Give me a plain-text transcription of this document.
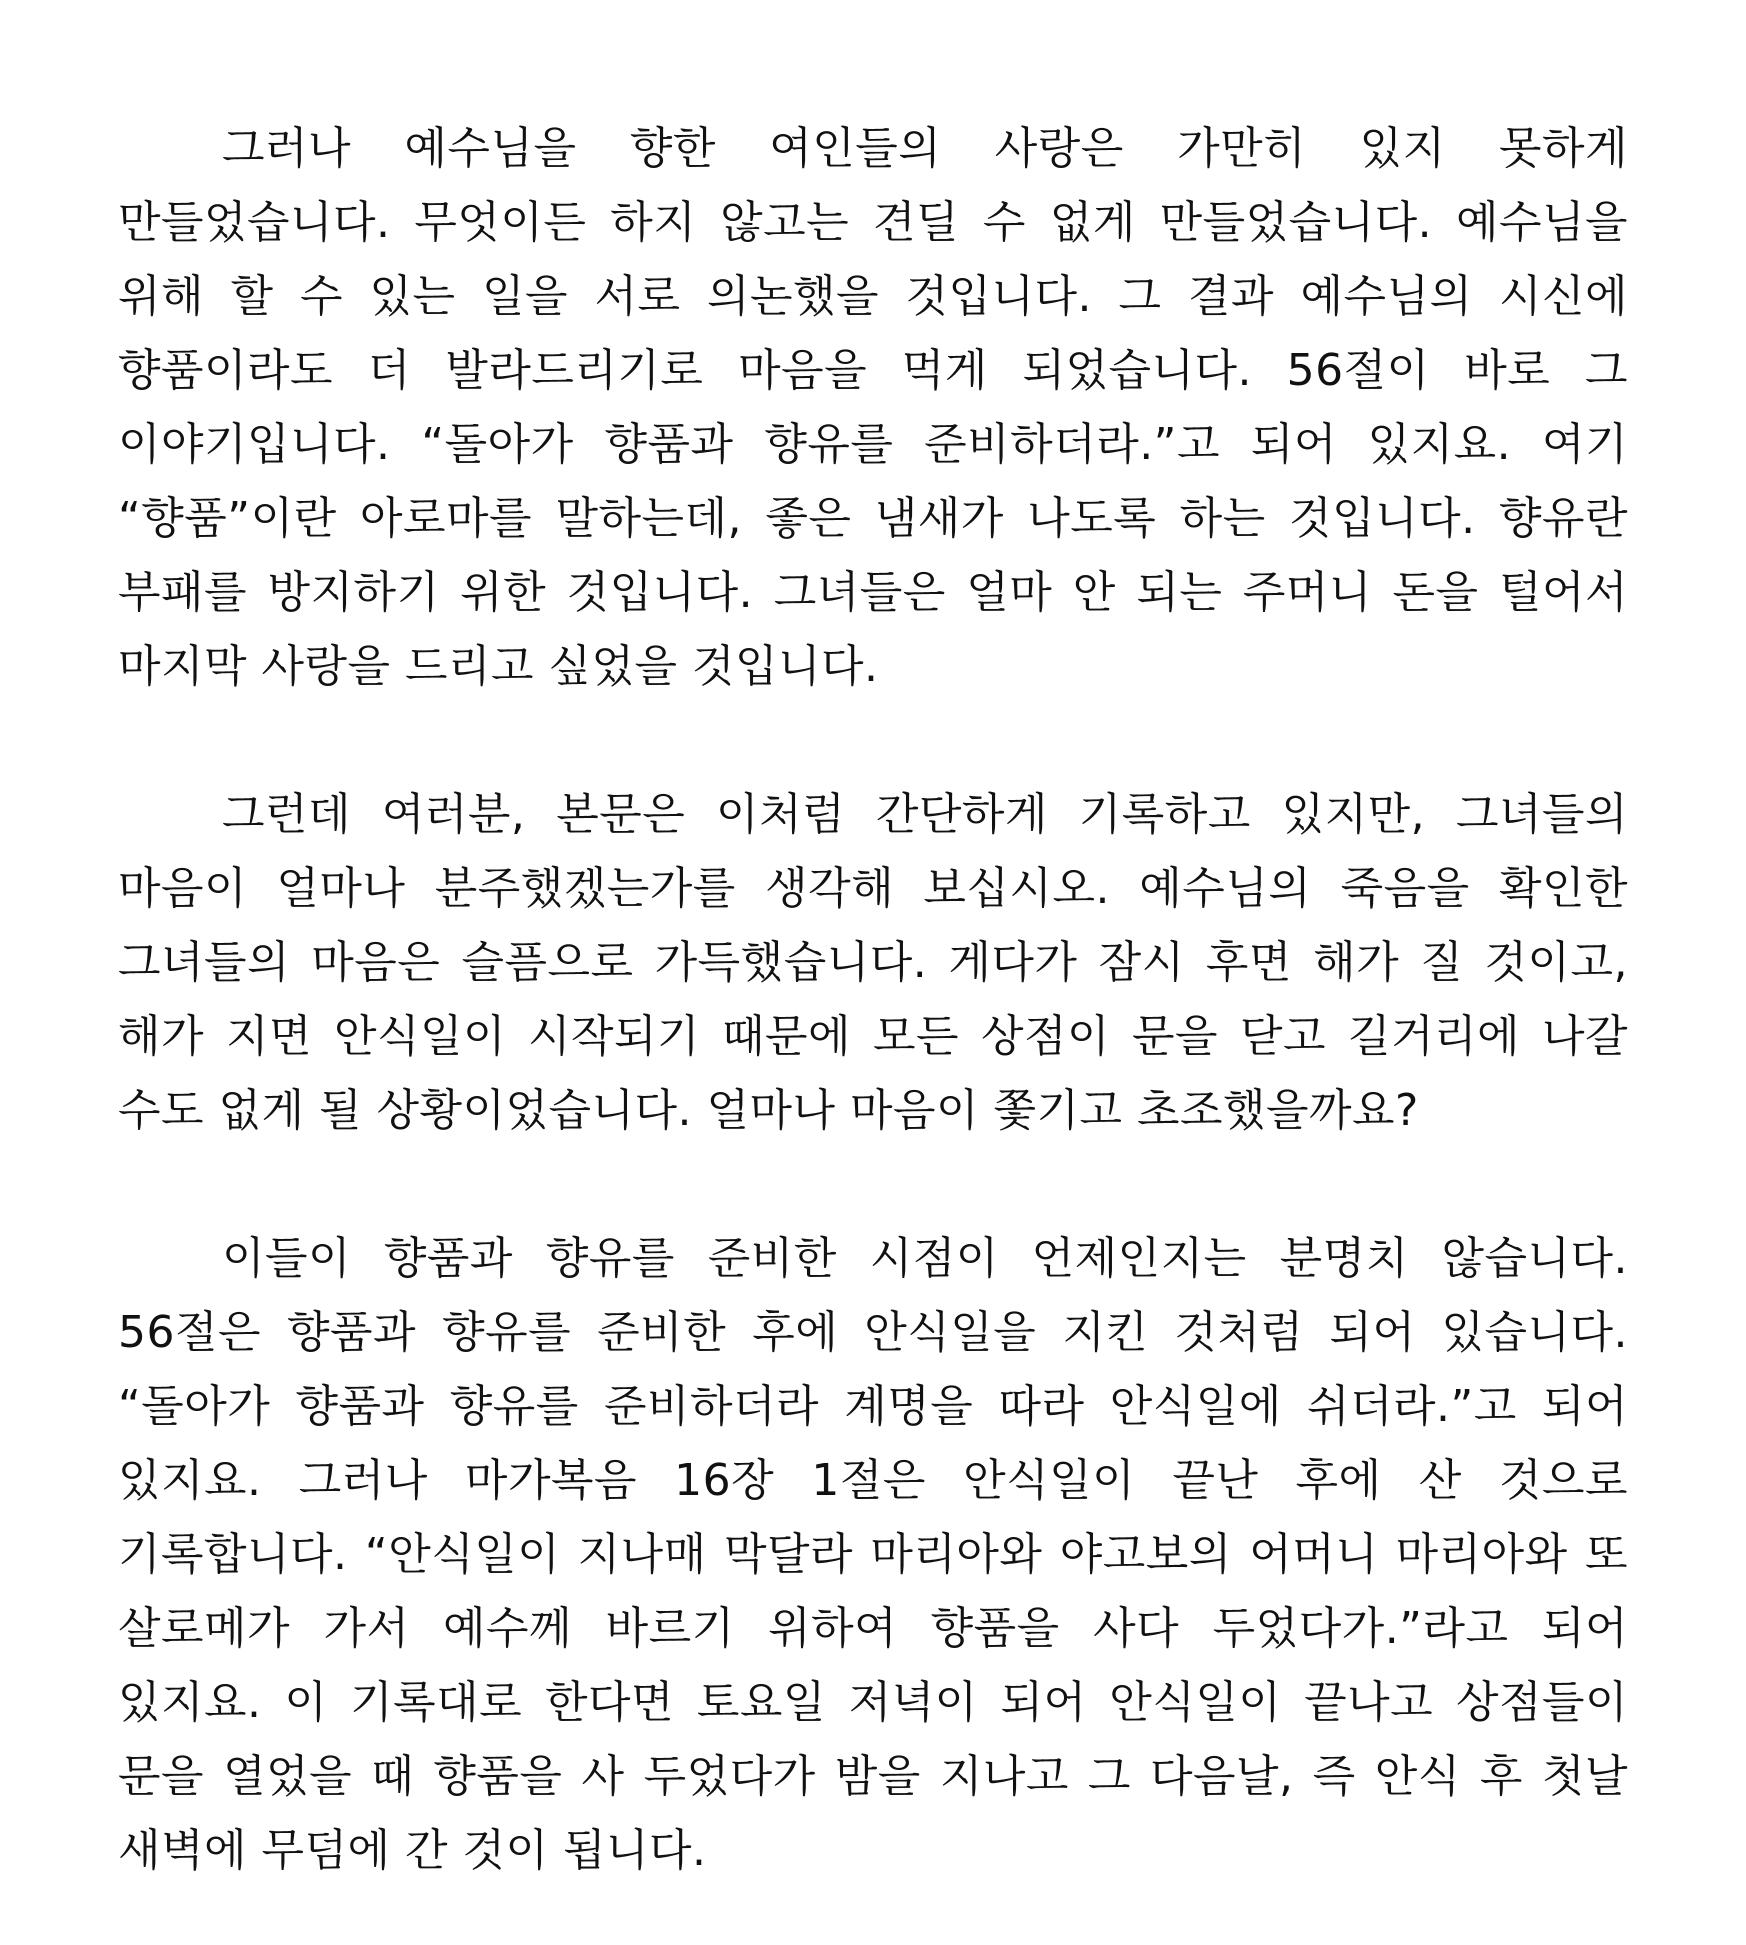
그러나 예수님을 향한 여인들의 사랑은 가만히 있지 못하게 만들었습니다. 무엇이든 하지 않고는 견딜 수 없게 만들었습니다. 예수님을 위해 할 수 있는 일을 서로 의논했을 것입니다. 그 결과 예수님의 시신에 향품이라도 더 발라드리기로 마음을 먹게 되었습니다. 56절이 바로 그 이야기입니다. “돌아가 향품과 향유를 준비하더라.”고 되어 있지요. 여기 “향품”이란 아로마를 말하는데, 좋은 냄새가 나도록 하는 것입니다. 향유란 부패를 방지하기 위한 것입니다. 그녀들은 얼마 안 되는 주머니 돈을 털어서 마지막 사랑을 드리고 싶었을 것입니다.

그런데 여러분, 본문은 이처럼 간단하게 기록하고 있지만, 그녀들의 마음이 얼마나 분주했겠는가를 생각해 보십시오. 예수님의 죽음을 확인한 그녀들의 마음은 슬픔으로 가득했습니다. 게다가 잠시 후면 해가 질 것이고, 해가 지면 안식일이 시작되기 때문에 모든 상점이 문을 닫고 길거리에 나갈 수도 없게 될 상황이었습니다. 얼마나 마음이 쫓기고 초조했을까요?

이들이 향품과 향유를 준비한 시점이 언제인지는 분명치 않습니다. 56절은 향품과 향유를 준비한 후에 안식일을 지킨 것처럼 되어 있습니다. “돌아가 향품과 향유를 준비하더라 계명을 따라 안식일에 쉬더라.”고 되어 있지요. 그러나 마가복음 16장 1절은 안식일이 끝난 후에 산 것으로 기록합니다. “안식일이 지나매 막달라 마리아와 야고보의 어머니 마리아와 또 살로메가 가서 예수께 바르기 위하여 향품을 사다 두었다가.”라고 되어 있지요. 이 기록대로 한다면 토요일 저녁이 되어 안식일이 끝나고 상점들이 문을 열었을 때 향품을 사 두었다가 밤을 지나고 그 다음날, 즉 안식 후 첫날 새벽에 무덤에 간 것이 됩니다.
